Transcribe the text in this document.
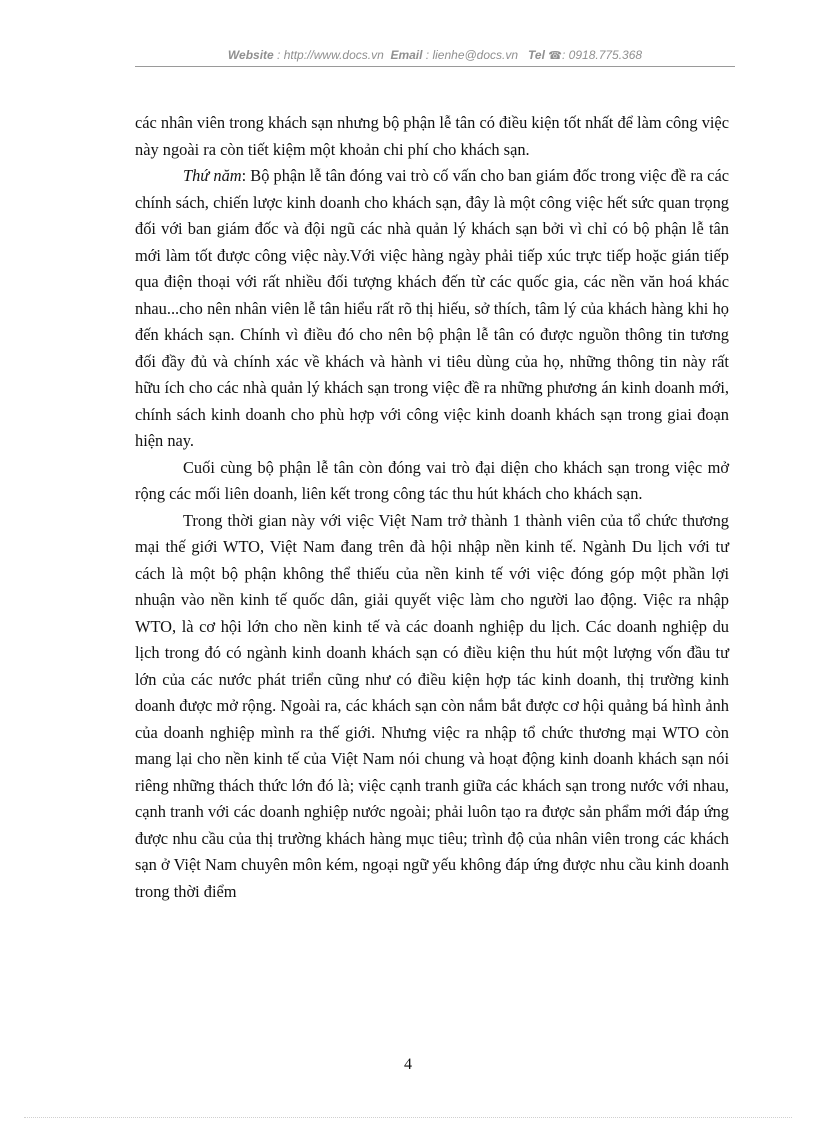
Website : http://www.docs.vn Email : lienhe@docs.vn Tel ☎: 0918.775.368

các nhân viên trong khách sạn nhưng bộ phận lễ tân có điều kiện tốt nhất để làm công việc này ngoài ra còn tiết kiệm một khoản chi phí cho khách sạn.

Thứ năm: Bộ phận lễ tân đóng vai trò cố vấn cho ban giám đốc trong việc đề ra các chính sách, chiến lược kinh doanh cho khách sạn, đây là một công việc hết sức quan trọng đối với ban giám đốc và đội ngũ các nhà quản lý khách sạn bởi vì chỉ có bộ phận lễ tân mới làm tốt được công việc này.Với việc hàng ngày phải tiếp xúc trực tiếp hoặc gián tiếp qua điện thoại với rất nhiều đối tượng khách đến từ các quốc gia, các nền văn hoá khác nhau...cho nên nhân viên lễ tân hiểu rất rõ thị hiếu, sở thích, tâm lý của khách hàng khi họ đến khách sạn. Chính vì điều đó cho nên bộ phận lễ tân có được nguồn thông tin tương đối đầy đủ và chính xác về khách và hành vi tiêu dùng của họ, những thông tin này rất hữu ích cho các nhà quản lý khách sạn trong việc đề ra những phương án kinh doanh mới, chính sách kinh doanh cho phù hợp với công việc kinh doanh khách sạn trong giai đoạn hiện nay.

Cuối cùng bộ phận lễ tân còn đóng vai trò đại diện cho khách sạn trong việc mở rộng các mối liên doanh, liên kết trong công tác thu hút khách cho khách sạn.

Trong thời gian này với việc Việt Nam trở thành 1 thành viên của tổ chức thương mại thế giới WTO, Việt Nam đang trên đà hội nhập nền kinh tế. Ngành Du lịch với tư cách là một bộ phận không thể thiếu của nền kinh tế với việc đóng góp một phần lợi nhuận vào nền kinh tế quốc dân, giải quyết việc làm cho người lao động. Việc ra nhập WTO, là cơ hội lớn cho nền kinh tế và các doanh nghiệp du lịch. Các doanh nghiệp du lịch trong đó có ngành kinh doanh khách sạn có điều kiện thu hút một lượng vốn đầu tư lớn của các nước phát triển cũng như có điều kiện hợp tác kinh doanh, thị trường kinh doanh được mở rộng. Ngoài ra, các khách sạn còn nắm bắt được cơ hội quảng bá hình ảnh của doanh nghiệp mình ra thế giới. Nhưng việc ra nhập tổ chức thương mại WTO còn mang lại cho nền kinh tế của Việt Nam nói chung và hoạt động kinh doanh khách sạn nói riêng những thách thức lớn đó là; việc cạnh tranh giữa các khách sạn trong nước với nhau, cạnh tranh với các doanh nghiệp nước ngoài; phải luôn tạo ra được sản phẩm mới đáp ứng được nhu cầu của thị trường khách hàng mục tiêu; trình độ của nhân viên trong các khách sạn ở Việt Nam chuyên môn kém, ngoại ngữ yếu không đáp ứng được nhu cầu kinh doanh trong thời điểm

4
